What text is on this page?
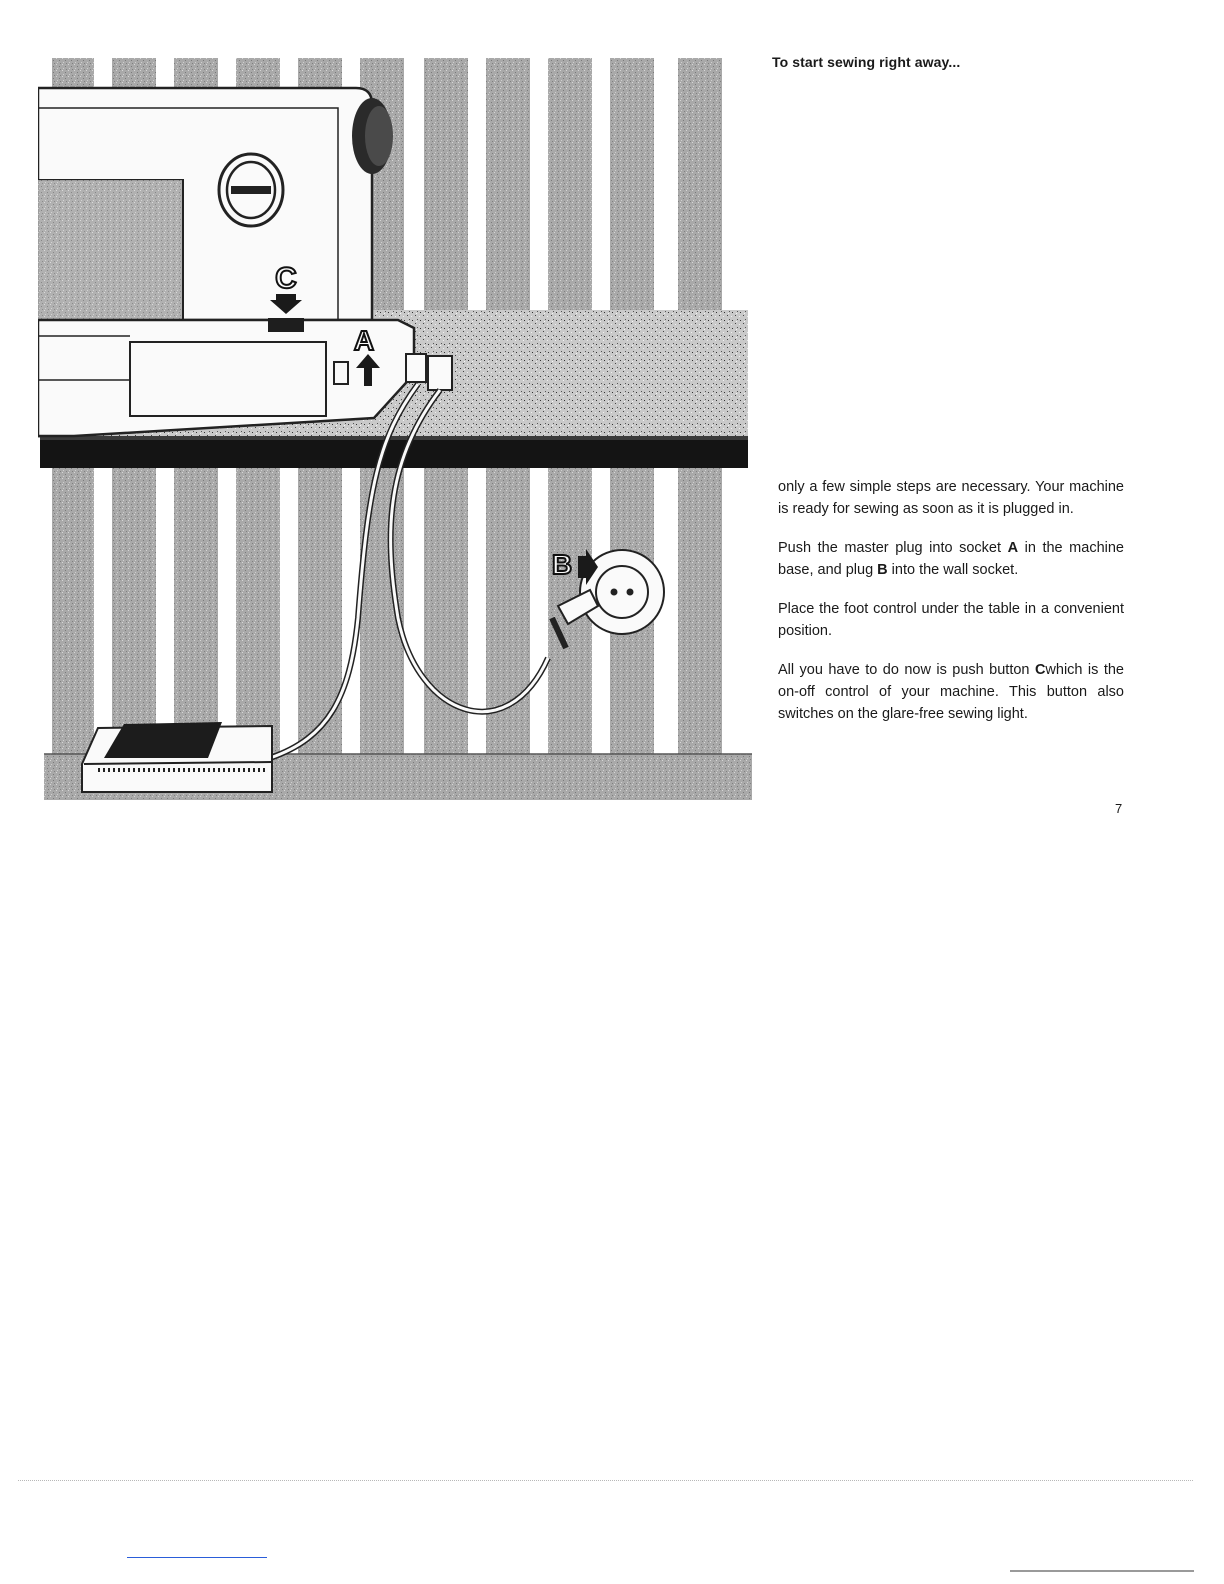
C
A
B
To start sewing right away...

only a few simple steps are necessary. Your machine is ready for sewing as soon as it is plugged in.

Push the master plug into socket A in the machine base, and plug B into the wall socket.

Place the foot control under the table in a convenient position.

All you have to do now is push button Cwhich is the on-off control of your machine. This button also switches on the glare-free sewing light.

7
